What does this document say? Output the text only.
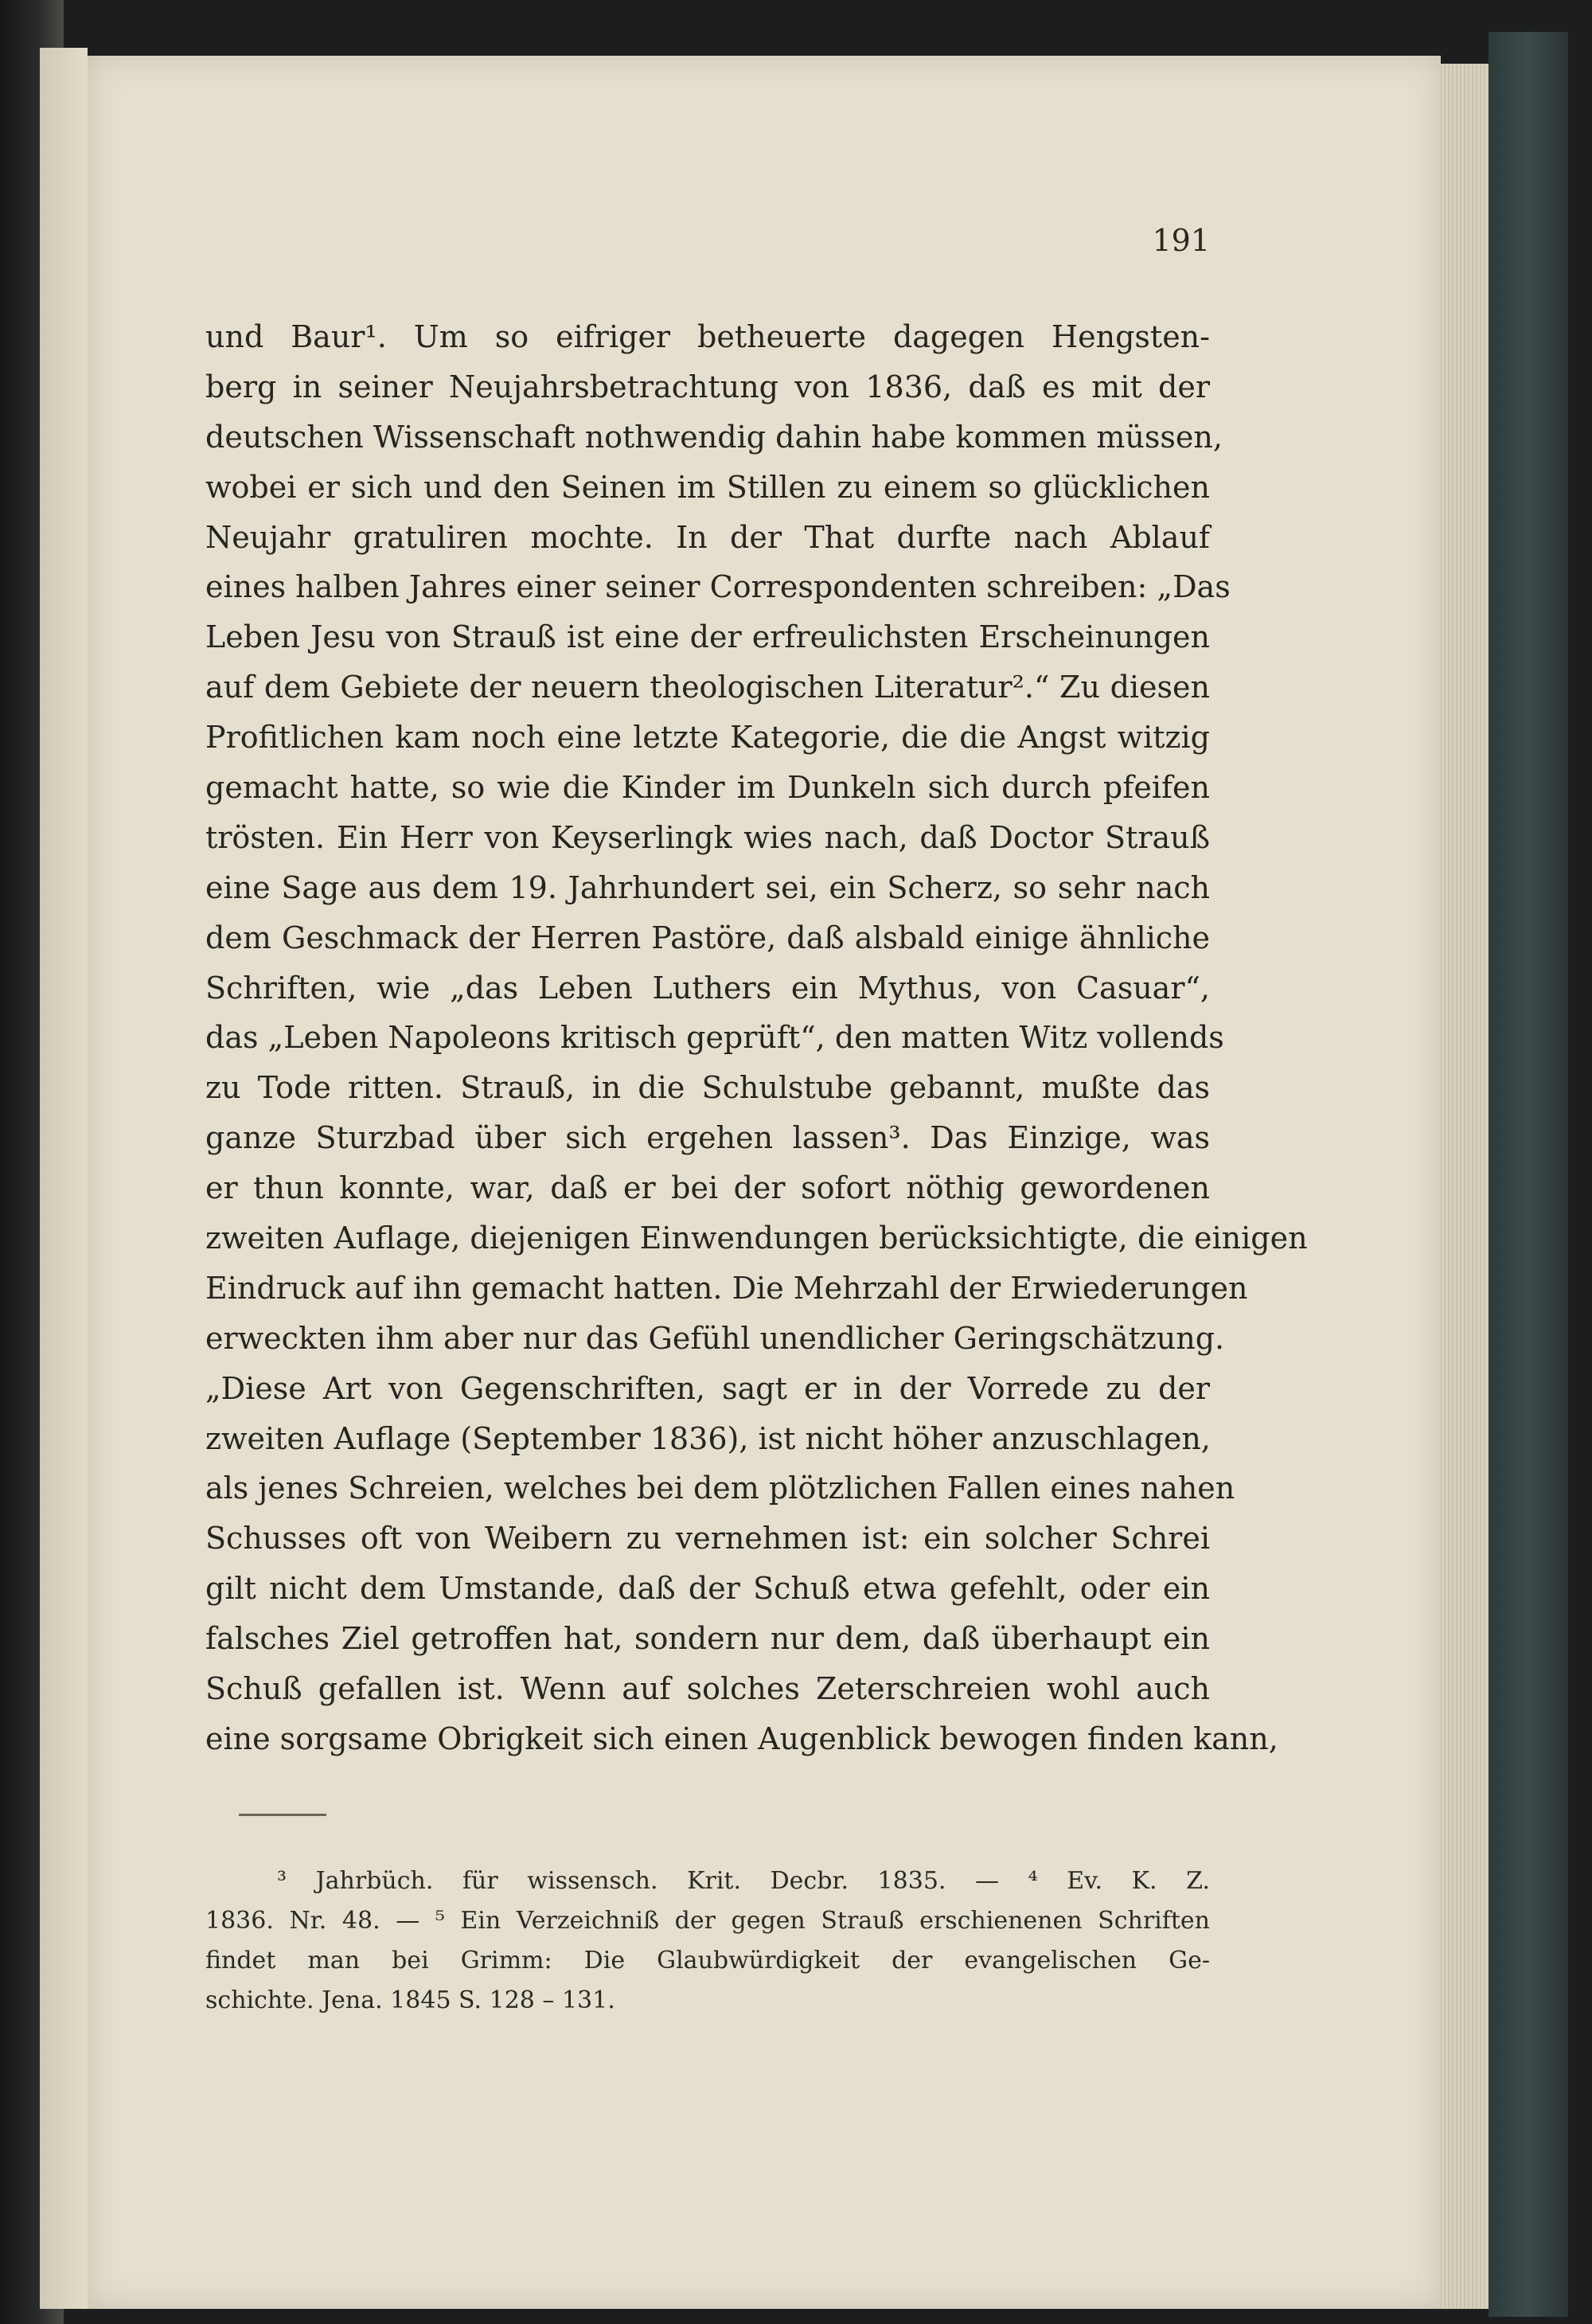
191
und Baur¹. Um so eifriger betheuerte dagegen Hengsten-
berg in seiner Neujahrsbetrachtung von 1836, daß es mit der
deutschen Wissenschaft nothwendig dahin habe kommen müssen,
wobei er sich und den Seinen im Stillen zu einem so glücklichen
Neujahr gratuliren mochte. In der That durfte nach Ablauf
eines halben Jahres einer seiner Correspondenten schreiben: „Das
Leben Jesu von Strauß ist eine der erfreulichsten Erscheinungen
auf dem Gebiete der neuern theologischen Literatur².“ Zu diesen
Profitlichen kam noch eine letzte Kategorie, die die Angst witzig
gemacht hatte, so wie die Kinder im Dunkeln sich durch pfeifen
trösten. Ein Herr von Keyserlingk wies nach, daß Doctor Strauß
eine Sage aus dem 19. Jahrhundert sei, ein Scherz, so sehr nach
dem Geschmack der Herren Pastöre, daß alsbald einige ähnliche
Schriften, wie „das Leben Luthers ein Mythus, von Casuar“,
das „Leben Napoleons kritisch geprüft“, den matten Witz vollends
zu Tode ritten. Strauß, in die Schulstube gebannt, mußte das
ganze Sturzbad über sich ergehen lassen³. Das Einzige, was
er thun konnte, war, daß er bei der sofort nöthig gewordenen
zweiten Auflage, diejenigen Einwendungen berücksichtigte, die einigen
Eindruck auf ihn gemacht hatten. Die Mehrzahl der Erwiederungen
erweckten ihm aber nur das Gefühl unendlicher Geringschätzung.
„Diese Art von Gegenschriften, sagt er in der Vorrede zu der
zweiten Auflage (September 1836), ist nicht höher anzuschlagen,
als jenes Schreien, welches bei dem plötzlichen Fallen eines nahen
Schusses oft von Weibern zu vernehmen ist: ein solcher Schrei
gilt nicht dem Umstande, daß der Schuß etwa gefehlt, oder ein
falsches Ziel getroffen hat, sondern nur dem, daß überhaupt ein
Schuß gefallen ist. Wenn auf solches Zeterschreien wohl auch
eine sorgsame Obrigkeit sich einen Augenblick bewogen finden kann,
³ Jahrbüch. für wissensch. Krit. Decbr. 1835. — ⁴ Ev. K. Z.
1836. Nr. 48. — ⁵ Ein Verzeichniß der gegen Strauß erschienenen Schriften
findet man bei Grimm: Die Glaubwürdigkeit der evangelischen Ge-
schichte. Jena. 1845 S. 128 – 131.
